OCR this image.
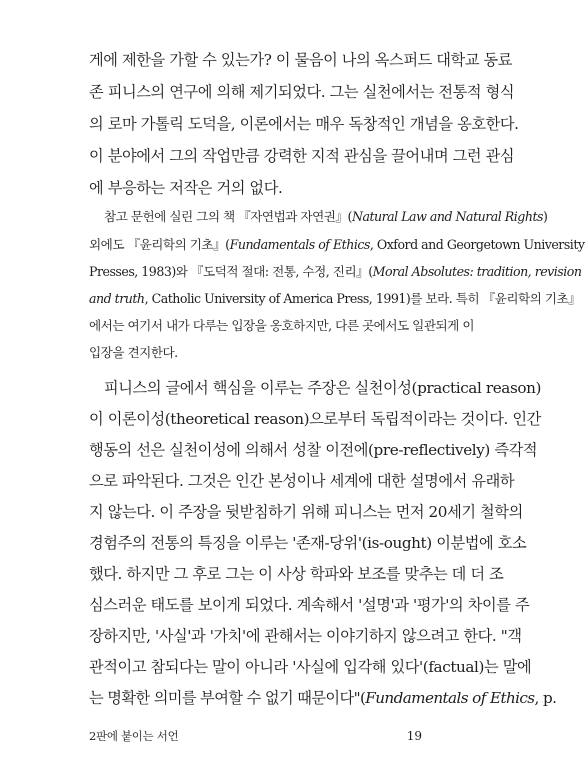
게에 제한을 가할 수 있는가? 이 물음이 나의 옥스퍼드 대학교 동료
존 피니스의 연구에 의해 제기되었다. 그는 실천에서는 전통적 형식
의 로마 가톨릭 도덕을, 이론에서는 매우 독창적인 개념을 옹호한다.
이 분야에서 그의 작업만큼 강력한 지적 관심을 끌어내며 그런 관심
에 부응하는 저작은 거의 없다.
참고 문헌에 실린 그의 책 『자연법과 자연권』(Natural Law and Natural Rights)
외에도 『윤리학의 기초』(Fundamentals of Ethics, Oxford and Georgetown University
Presses, 1983)와 『도덕적 절대: 전통, 수정, 진리』(Moral Absolutes: tradition, revision
and truth, Catholic University of America Press, 1991)를 보라. 특히 『윤리학의 기초』
에서는 여기서 내가 다루는 입장을 옹호하지만, 다른 곳에서도 일관되게 이
입장을 견지한다.
피니스의 글에서 핵심을 이루는 주장은 실천이성(practical reason)
이 이론이성(theoretical reason)으로부터 독립적이라는 것이다. 인간
행동의 선은 실천이성에 의해서 성찰 이전에(pre-reflectively) 즉각적
으로 파악된다. 그것은 인간 본성이나 세계에 대한 설명에서 유래하
지 않는다. 이 주장을 뒷받침하기 위해 피니스는 먼저 20세기 철학의
경험주의 전통의 특징을 이루는 '존재-당위'(is-ought) 이분법에 호소
했다. 하지만 그 후로 그는 이 사상 학파와 보조를 맞추는 데 더 조
심스러운 태도를 보이게 되었다. 계속해서 '설명'과 '평가'의 차이를 주
장하지만, '사실'과 '가치'에 관해서는 이야기하지 않으려고 한다. "객
관적이고 참되다는 말이 아니라 '사실에 입각해 있다'(factual)는 말에
는 명확한 의미를 부여할 수 없기 때문이다"(Fundamentals of Ethics, p.
2판에 붙이는 서언	19
